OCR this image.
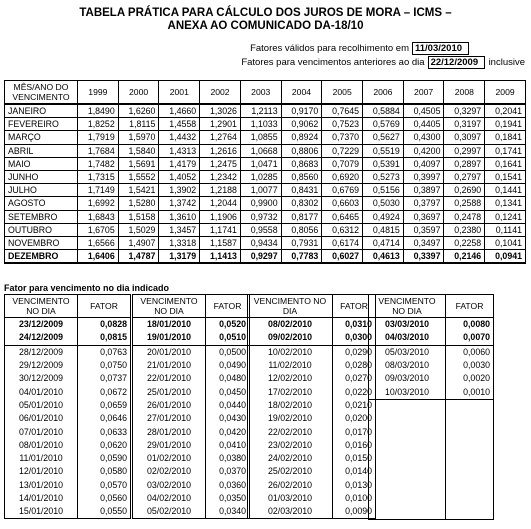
TABELA PRÁTICA PARA CÁLCULO DOS JUROS DE MORA – ICMS –
ANEXA AO COMUNICADO DA-18/10
Fatores válidos para recolhimento em 11/03/2010
Fatores para vencimentos anteriores ao dia 22/12/2009	inclusive
MÊS/ANO DO VENCIMENTO	1999	2000	2001	2002	2003	2004	2005	2006	2007	2008	2009
JANEIRO	1,8490	1,6260	1,4660	1,3026	1,2113	0,9170	0,7645	0,5884	0,4505	0,3297	0,2041
FEVEREIRO	1,8252	1,8115	1,4558	1,2901	1,1033	0,9062	0,7523	0,5769	0,4405	0,3197	0,1941
MARÇO	1,7919	1,5970	1,4432	1,2764	1,0855	0,8924	0,7370	0,5627	0,4300	0,3097	0,1841
ABRIL	1,7684	1,5840	1,4313	1,2616	1,0668	0,8806	0,7229	0,5519	0,4200	0,2997	0,1741
MAIO	1,7482	1,5691	1,4179	1,2475	1,0471	0,8683	0,7079	0,5391	0,4097	0,2897	0,1641
JUNHO	1,7315	1,5552	1,4052	1,2342	1,0285	0,8560	0,6920	0,5273	0,3997	0,2797	0,1541
JULHO	1,7149	1,5421	1,3902	1,2188	1,0077	0,8431	0,6769	0,5156	0,3897	0,2690	0,1441
AGOSTO	1,6992	1,5280	1,3742	1,2044	0,9900	0,8302	0,6603	0,5030	0,3797	0,2588	0,1341
SETEMBRO	1,6843	1,5158	1,3610	1,1906	0,9732	0,8177	0,6465	0,4924	0,3697	0,2478	0,1241
OUTUBRO	1,6705	1,5029	1,3457	1,1741	0,9558	0,8056	0,6312	0,4815	0,3597	0,2380	0,1141
NOVEMBRO	1,6566	1,4907	1,3318	1,1587	0,9434	0,7931	0,6174	0,4714	0,3497	0,2258	0,1041
DEZEMBRO	1,6406	1,4787	1,3179	1,1413	0,9297	0,7783	0,6027	0,4613	0,3397	0,2146	0,0941
Fator para vencimento no dia indicado
VENCIMENTO NO DIA	FATOR
23/12/2009	0,0828
24/12/2009	0,0815
28/12/2009	0,0763
29/12/2009	0,0750
30/12/2009	0,0737
04/01/2010	0,0672
05/01/2010	0,0659
06/01/2010	0,0646
07/01/2010	0,0633
08/01/2010	0,0620
11/01/2010	0,0590
12/01/2010	0,0580
13/01/2010	0,0570
14/01/2010	0,0560
15/01/2010	0,0550
VENCIMENTO NO DIA	FATOR
18/01/2010	0,0520
19/01/2010	0,0510
20/01/2010	0,0500
21/01/2010	0,0490
22/01/2010	0,0480
25/01/2010	0,0450
26/01/2010	0,0440
27/01/2010	0,0430
28/01/2010	0,0420
29/01/2010	0,0410
01/02/2010	0,0380
02/02/2010	0,0370
03/02/2010	0,0360
04/02/2010	0,0350
05/02/2010	0,0340
VENCIMENTO NO DIA	FATOR
08/02/2010	0,0310
09/02/2010	0,0300
10/02/2010	0,0290
11/02/2010	0,0280
12/02/2010	0,0270
17/02/2010	0,0220
18/02/2010	0,0210
19/02/2010	0,0200
22/02/2010	0,0170
23/02/2010	0,0160
24/02/2010	0,0150
25/02/2010	0,0140
26/02/2010	0,0130
01/03/2010	0,0100
02/03/2010	0,0090
VENCIMENTO NO DIA	FATOR
03/03/2010	0,0080
04/03/2010	0,0070
05/03/2010	0,0060
08/03/2010	0,0030
09/03/2010	0,0020
10/03/2010	0,0010
